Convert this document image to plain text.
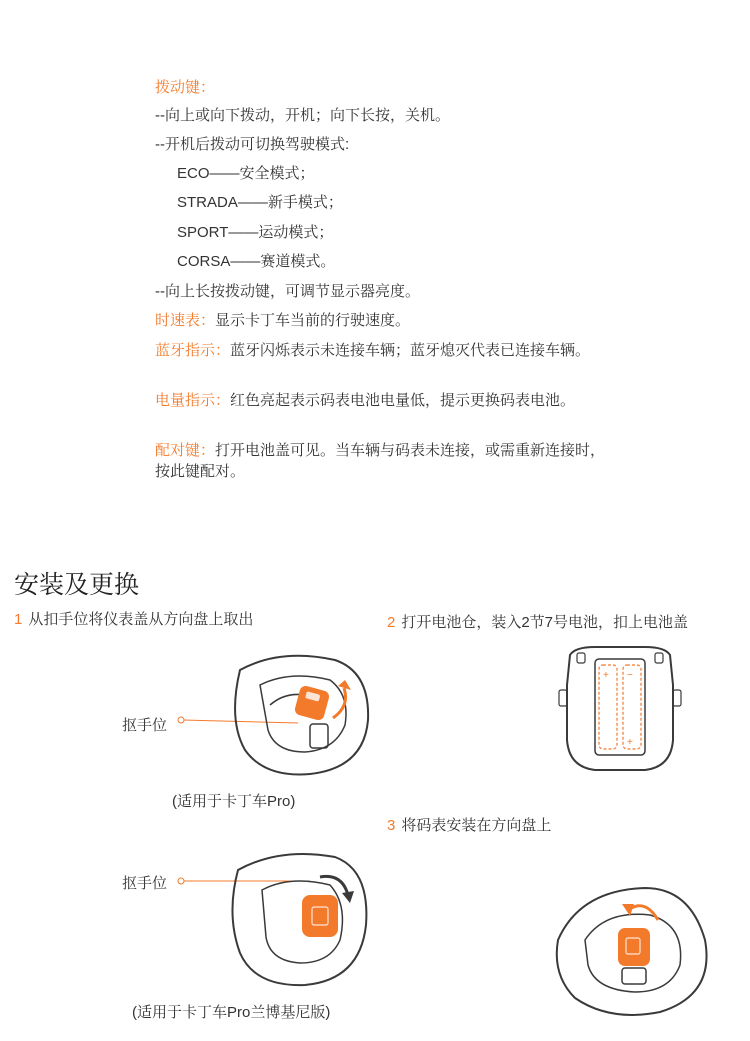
拨动键：
--向上或向下拨动，开机；向下长按，关机。
--开机后拨动可切换驾驶模式:
ECO——安全模式；
STRADA——新手模式；
SPORT——运动模式；
CORSA——赛道模式。
--向上长按拨动键，可调节显示器亮度。
时速表：显示卡丁车当前的行驶速度。
蓝牙指示：蓝牙闪烁表示未连接车辆；蓝牙熄灭代表已连接车辆。
电量指示：红色亮起表示码表电池电量低，提示更换码表电池。
配对键：打开电池盖可见。当车辆与码表未连接，或需重新连接时，按此键配对。
安装及更换
1 从扣手位将仪表盖从方向盘上取出	2 打开电池仓，装入2节7号电池，扣上电池盖
3 将码表安装在方向盘上
抠手位
抠手位
(适用于卡丁车Pro)
(适用于卡丁车Pro兰博基尼版)
+ −
+
